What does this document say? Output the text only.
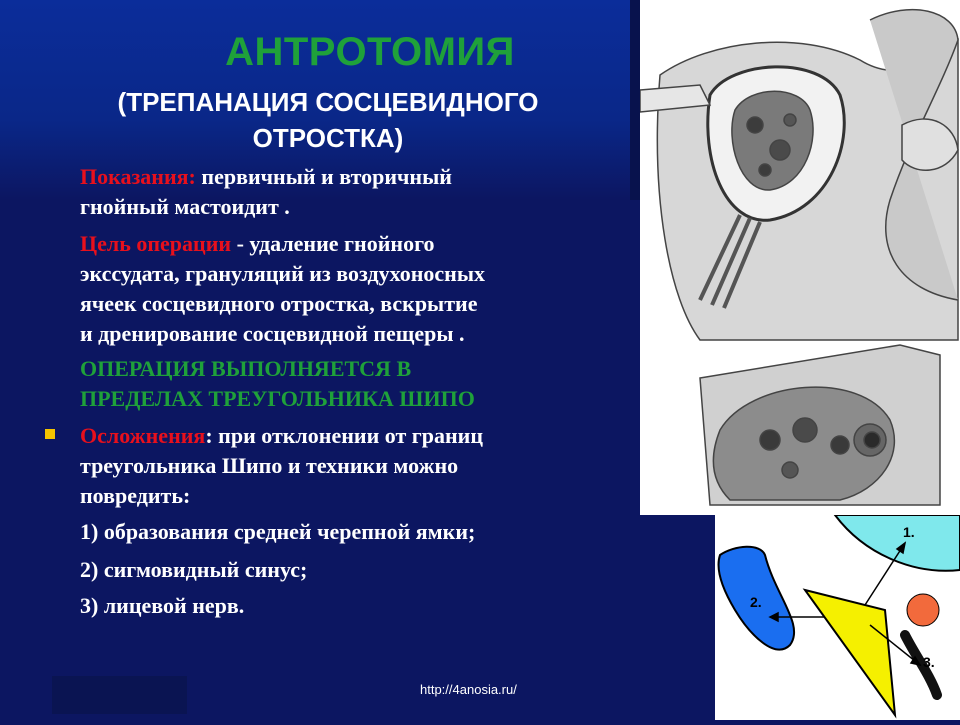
АНТРОТОМИЯ
(ТРЕПАНАЦИЯ СОСЦЕВИДНОГО
ОТРОСТКА)
Показания: первичный и вторичный
гнойный мастоидит .
Цель операции - удаление гнойного
экссудата, грануляций из воздухоносных
ячеек сосцевидного отростка, вскрытие
и дренирование сосцевидной пещеры .
ОПЕРАЦИЯ ВЫПОЛНЯЕТСЯ В
ПРЕДЕЛАХ ТРЕУГОЛЬНИКА ШИПО
Осложнения: при отклонении от границ
треугольника Шипо и техники можно
повредить:
1) образования средней черепной ямки;
2) сигмовидный синус;
3) лицевой нерв.
http://4anosia.ru/
1.
2.
3.
